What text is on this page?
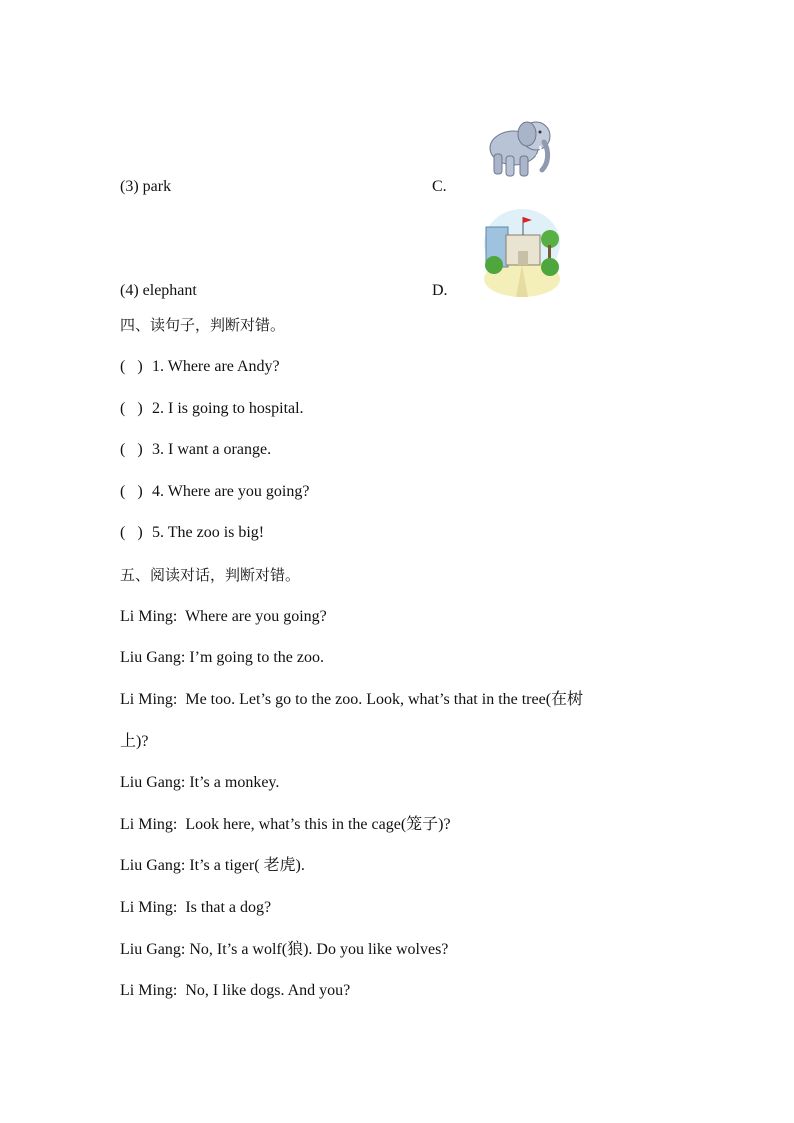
(3) park	C.
(4) elephant	D.
四、读句子，判断对错。
( ) 1. Where are Andy?
( ) 2. I is going to hospital.
( ) 3. I want a orange.
( ) 4. Where are you going?
( ) 5. The zoo is big!
五、阅读对话，判断对错。
Li Ming: Where are you going?
Liu Gang: I’m going to the zoo.
Li Ming: Me too. Let’s go to the zoo. Look, what’s that in the tree(在树
上)?
Liu Gang: It’s a monkey.
Li Ming: Look here, what’s this in the cage(笼子)?
Liu Gang: It’s a tiger( 老虎).
Li Ming: Is that a dog?
Liu Gang: No, It’s a wolf(狼). Do you like wolves?
Li Ming: No, I like dogs. And you?
